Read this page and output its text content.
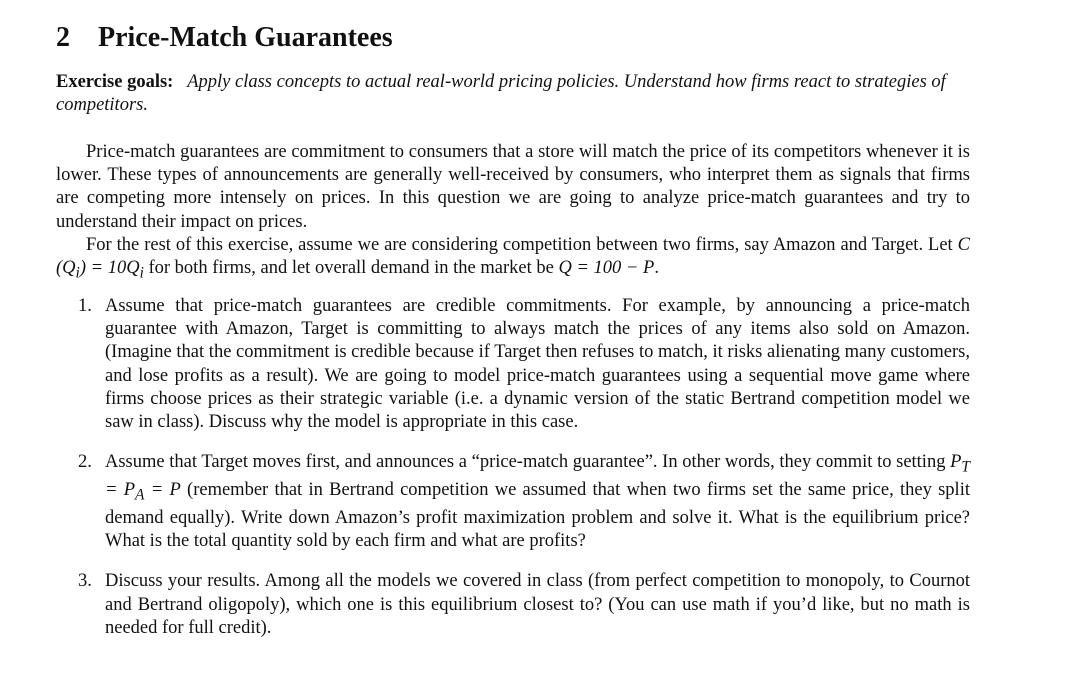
2 Price-Match Guarantees
Exercise goals: Apply class concepts to actual real-world pricing policies. Understand how firms react to strategies of competitors.

Price-match guarantees are commitment to consumers that a store will match the price of its competitors whenever it is lower. These types of announcements are generally well-received by consumers, who interpret them as signals that firms are competing more intensely on prices. In this question we are going to analyze price-match guarantees and try to understand their impact on prices.

For the rest of this exercise, assume we are considering competition between two firms, say Amazon and Target. Let C $(Q_i) = 10Q_i$ for both firms, and let overall demand in the market be Q = 100 − P.

1. Assume that price-match guarantees are credible commitments. For example, by announcing a price-match guarantee with Amazon, Target is committing to always match the prices of any items also sold on Amazon. (Imagine that the commitment is credible because if Target then refuses to match, it risks alienating many customers, and lose profits as a result). We are going to model price-match guarantees using a sequential move game where firms choose prices as their strategic variable (i.e. a dynamic version of the static Bertrand competition model we saw in class). Discuss why the model is appropriate in this case.
2. Assume that Target moves first, and announces a “price-match guarantee”. In other words, they commit to setting $P_T = P_A = P$ (remember that in Bertrand competition we assumed that when two firms set the same price, they split demand equally). Write down Amazon’s profit maximization problem and solve it. What is the equilibrium price? What is the total quantity sold by each firm and what are profits?
3. Discuss your results. Among all the models we covered in class (from perfect competition to monopoly, to Cournot and Bertrand oligopoly), which one is this equilibrium closest to? (You can use math if you’d like, but no math is needed for full credit).
